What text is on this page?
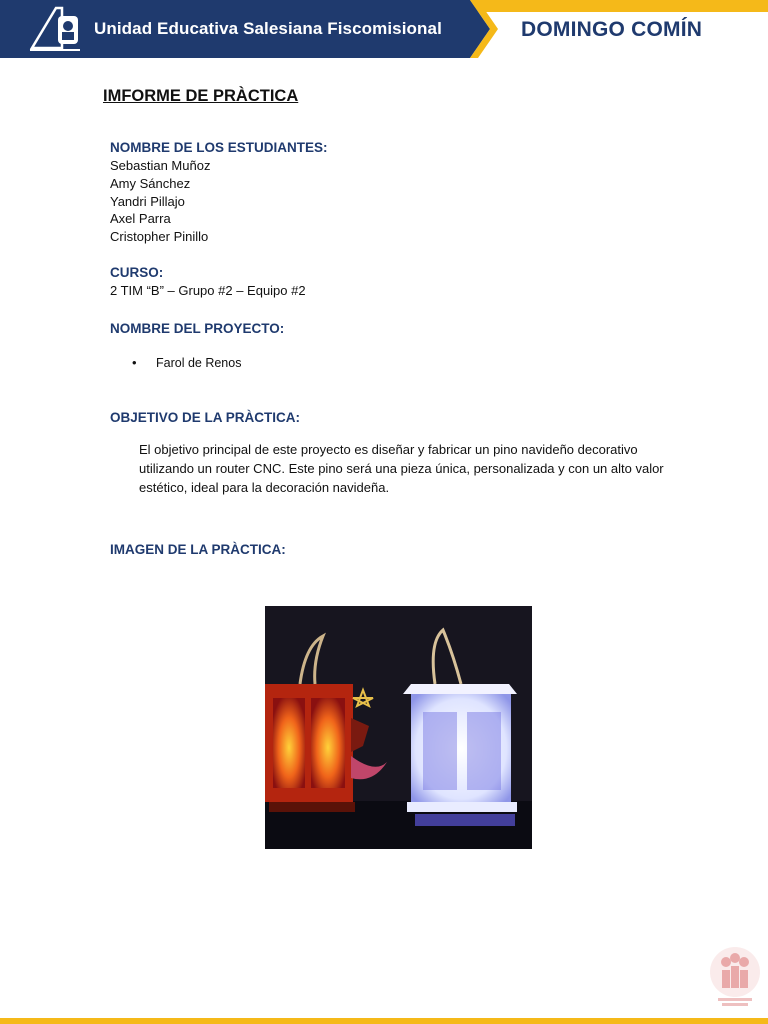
Unidad Educativa Salesiana Fiscomisional	DOMINGO COMÍN
IMFORME DE PRÀCTICA
NOMBRE DE LOS ESTUDIANTES:
Sebastian Muñoz
Amy Sánchez
Yandri Pillajo
Axel Parra
Cristopher Pinillo
CURSO:
2 TIM “B” – Grupo #2 – Equipo #2
NOMBRE DEL PROYECTO:
• Farol de Renos
OBJETIVO DE LA PRÀCTICA:
El objetivo principal de este proyecto es diseñar y fabricar un pino navideño decorativo utilizando un router CNC. Este pino será una pieza única, personalizada y con un alto valor estético, ideal para la decoración navideña.
IMAGEN DE LA PRÀCTICA:
